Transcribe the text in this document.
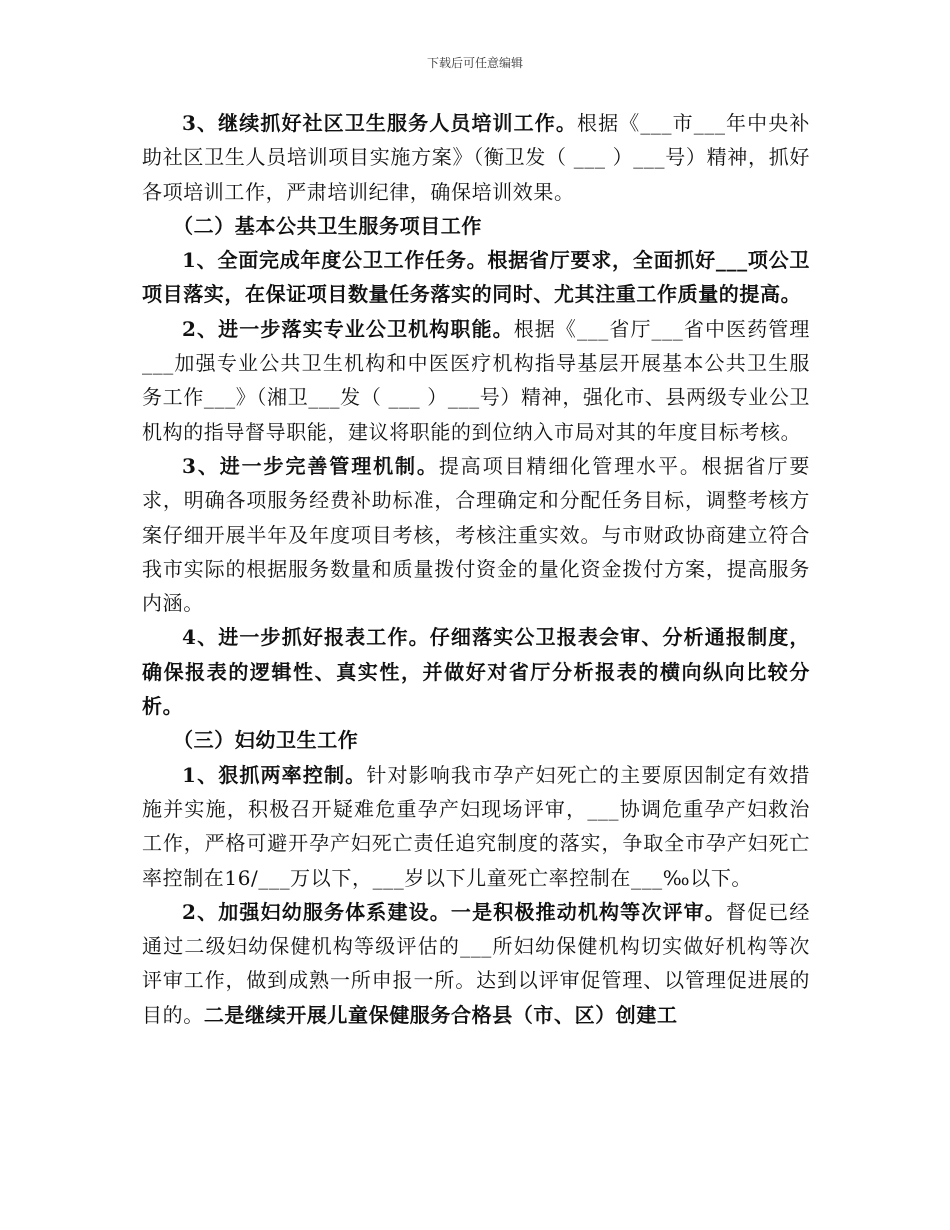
下载后可任意编辑

3、继续抓好社区卫生服务人员培训工作。根据《___市___年中央补助社区卫生人员培训项目实施方案》（衡卫发（ ___ ）___号）精神，抓好各项培训工作，严肃培训纪律，确保培训效果。

（二）基本公共卫生服务项目工作

1、全面完成年度公卫工作任务。根据省厅要求，全面抓好___项公卫项目落实，在保证项目数量任务落实的同时、尤其注重工作质量的提高。

2、进一步落实专业公卫机构职能。根据《___省厅___省中医药管理___加强专业公共卫生机构和中医医疗机构指导基层开展基本公共卫生服务工作___》（湘卫___发（ ___ ）___号）精神，强化市、县两级专业公卫机构的指导督导职能，建议将职能的到位纳入市局对其的年度目标考核。

3、进一步完善管理机制。提高项目精细化管理水平。根据省厅要求，明确各项服务经费补助标准，合理确定和分配任务目标，调整考核方案仔细开展半年及年度项目考核，考核注重实效。与市财政协商建立符合我市实际的根据服务数量和质量拨付资金的量化资金拨付方案，提高服务内涵。

4、进一步抓好报表工作。仔细落实公卫报表会审、分析通报制度，确保报表的逻辑性、真实性，并做好对省厅分析报表的横向纵向比较分析。

（三）妇幼卫生工作

1、狠抓两率控制。针对影响我市孕产妇死亡的主要原因制定有效措施并实施，积极召开疑难危重孕产妇现场评审，___协调危重孕产妇救治工作，严格可避开孕产妇死亡责任追究制度的落实，争取全市孕产妇死亡率控制在16/___万以下，___岁以下儿童死亡率控制在___‰以下。

2、加强妇幼服务体系建设。一是积极推动机构等次评审。督促已经通过二级妇幼保健机构等级评估的___所妇幼保健机构切实做好机构等次评审工作，做到成熟一所申报一所。达到以评审促管理、以管理促进展的目的。二是继续开展儿童保健服务合格县（市、区）创建工
